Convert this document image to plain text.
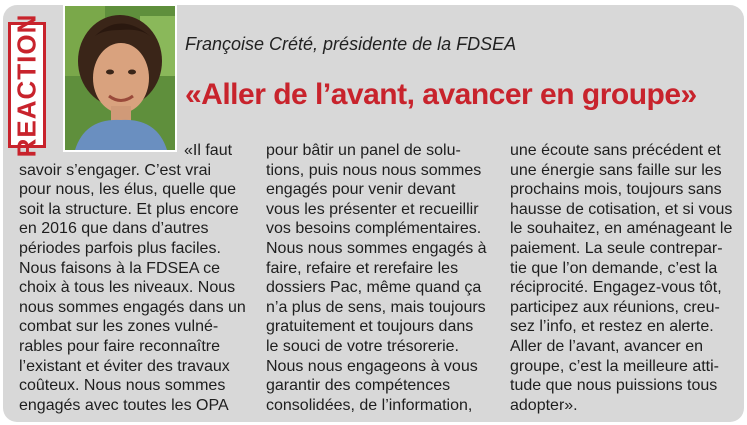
REACTION	Françoise Crété, présidente de la FDSEA
«Aller de l’avant, avancer en groupe»
«Il faut
savoir s’engager. C’est vrai
pour nous, les élus, quelle que
soit la structure. Et plus encore
en 2016 que dans d’autres
périodes parfois plus faciles.
Nous faisons à la FDSEA ce
choix à tous les niveaux. Nous
nous sommes engagés dans un
combat sur les zones vulné-
rables pour faire reconnaître
l’existant et éviter des travaux
coûteux. Nous nous sommes
engagés avec toutes les OPA
pour bâtir un panel de solu-
tions, puis nous nous sommes
engagés pour venir devant
vous les présenter et recueillir
vos besoins complémentaires.
Nous nous sommes engagés à
faire, refaire et rerefaire les
dossiers Pac, même quand ça
n’a plus de sens, mais toujours
gratuitement et toujours dans
le souci de votre trésorerie.
Nous nous engageons à vous
garantir des compétences
consolidées, de l’information,
une écoute sans précédent et
une énergie sans faille sur les
prochains mois, toujours sans
hausse de cotisation, et si vous
le souhaitez, en aménageant le
paiement. La seule contrepar-
tie que l’on demande, c’est la
réciprocité. Engagez-vous tôt,
participez aux réunions, creu-
sez l’info, et restez en alerte.
Aller de l’avant, avancer en
groupe, c’est la meilleure atti-
tude que nous puissions tous
adopter».
